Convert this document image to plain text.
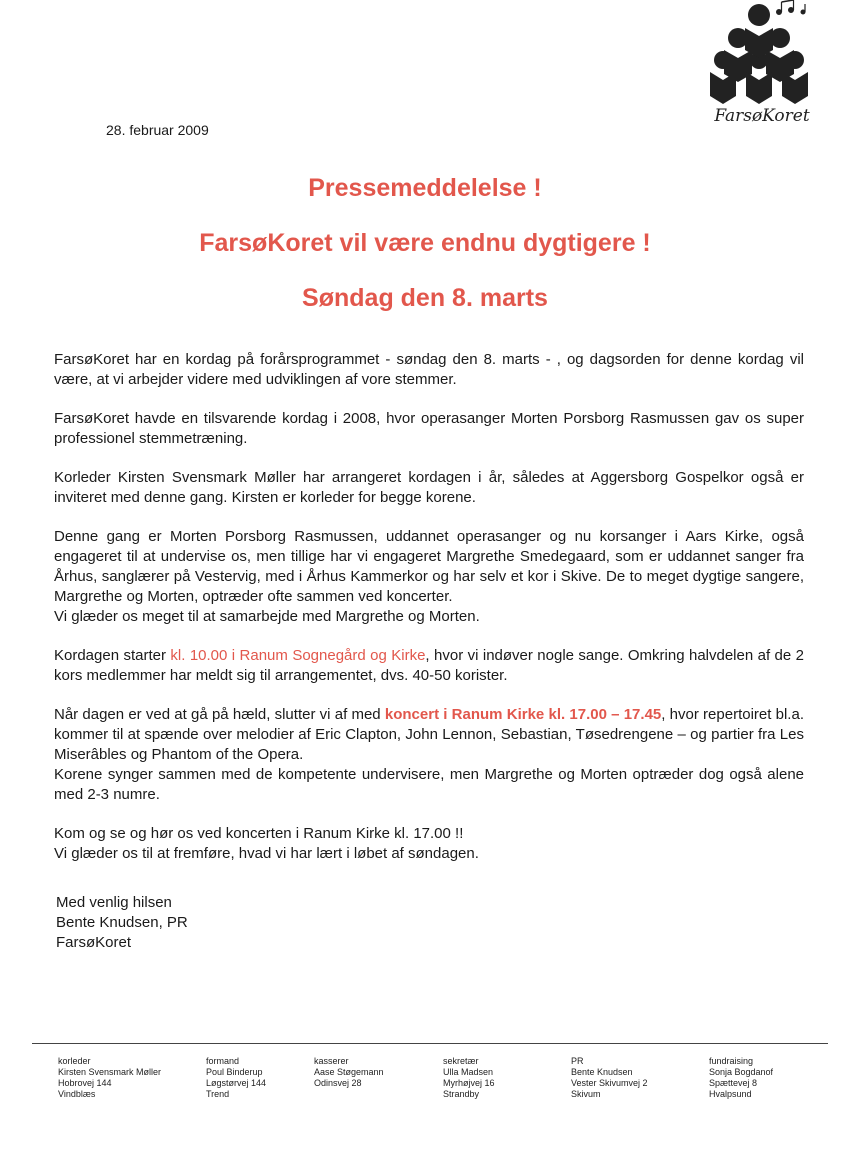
FarsøKoret
28. februar 2009
Pressemeddelelse !
FarsøKoret vil være endnu dygtigere !
Søndag den 8. marts

FarsøKoret har en kordag på forårsprogrammet - søndag den 8. marts - , og dagsorden for denne kordag vil være, at vi arbejder videre med udviklingen af vore stemmer.

FarsøKoret havde en tilsvarende kordag i 2008, hvor operasanger Morten Porsborg Rasmussen gav os super professionel stemmetræning.

Korleder Kirsten Svensmark Møller har arrangeret kordagen i år, således at Aggersborg Gospelkor også er inviteret med denne gang. Kirsten er korleder for begge korene.

Denne gang er Morten Porsborg Rasmussen, uddannet operasanger og nu korsanger i Aars Kirke, også engageret til at undervise os, men tillige har vi engageret Margrethe Smedegaard, som er uddannet sanger fra Århus, sanglærer på Vestervig, med i Århus Kammerkor og har selv et kor i Skive. De to meget dygtige sangere, Margrethe og Morten, optræder ofte sammen ved koncerter.
Vi glæder os meget til at samarbejde med Margrethe og Morten.

Kordagen starter kl. 10.00 i Ranum Sognegård og Kirke, hvor vi indøver nogle sange. Omkring halvdelen af de 2 kors medlemmer har meldt sig til arrangementet, dvs. 40-50 korister.

Når dagen er ved at gå på hæld, slutter vi af med koncert i Ranum Kirke kl. 17.00 – 17.45, hvor repertoiret bl.a. kommer til at spænde over melodier af Eric Clapton, John Lennon, Sebastian, Tøsedrengene – og partier fra Les Miserâbles og Phantom of the Opera.
Korene synger sammen med de kompetente undervisere, men Margrethe og Morten optræder dog også alene med 2-3 numre.

Kom og se og hør os ved koncerten i Ranum Kirke kl. 17.00 !!
Vi glæder os til at fremføre, hvad vi har lært i løbet af søndagen.

Med venlig hilsen
Bente Knudsen, PR
FarsøKoret
korleder
Kirsten Svensmark Møller
Hobrovej 144
Vindblæs
formand
Poul Binderup
Løgstørvej 144
Trend
kasserer
Aase Støgemann
Odinsvej 28
sekretær
Ulla Madsen
Myrhøjvej 16
Strandby
PR
Bente Knudsen
Vester Skivumvej 2
Skivum
fundraising
Sonja Bogdanof
Spættevej 8
Hvalpsund
